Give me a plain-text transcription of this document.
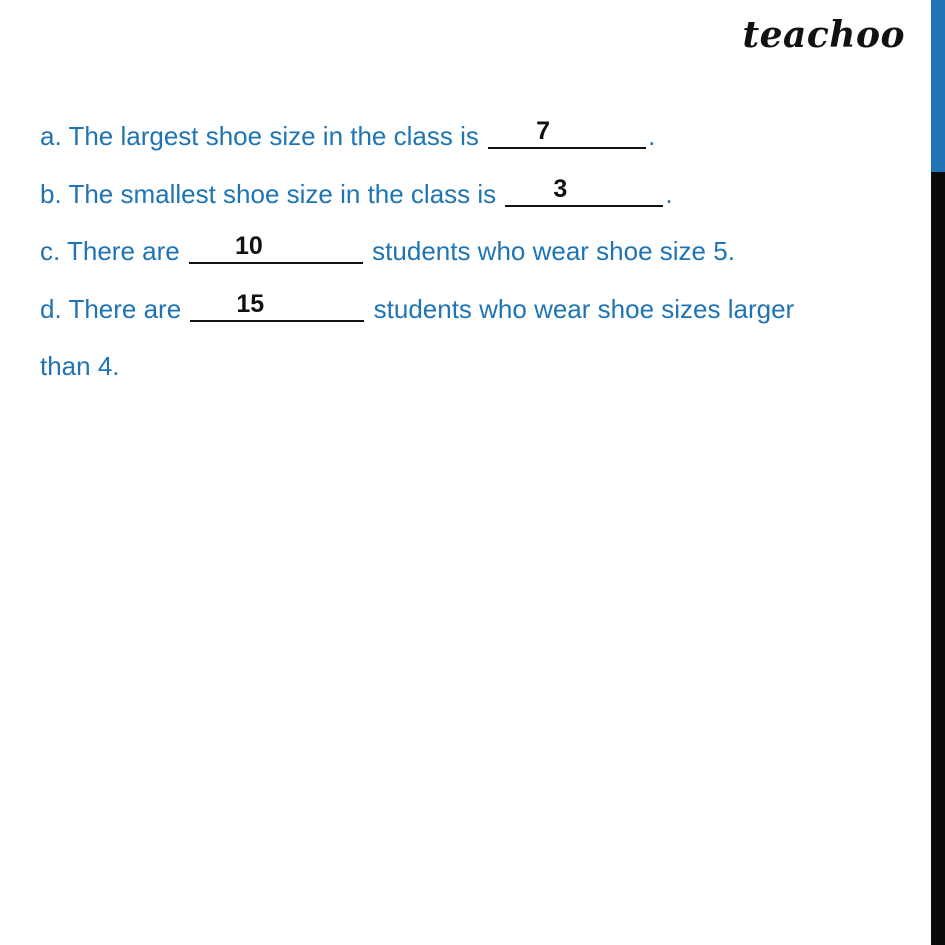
teachoo
a. The largest shoe size in the class is 7	.
b. The smallest shoe size in the class is 3	.
c. There are 10	students who wear shoe size 5.
d. There are 15	students who wear shoe sizes larger
than 4.
